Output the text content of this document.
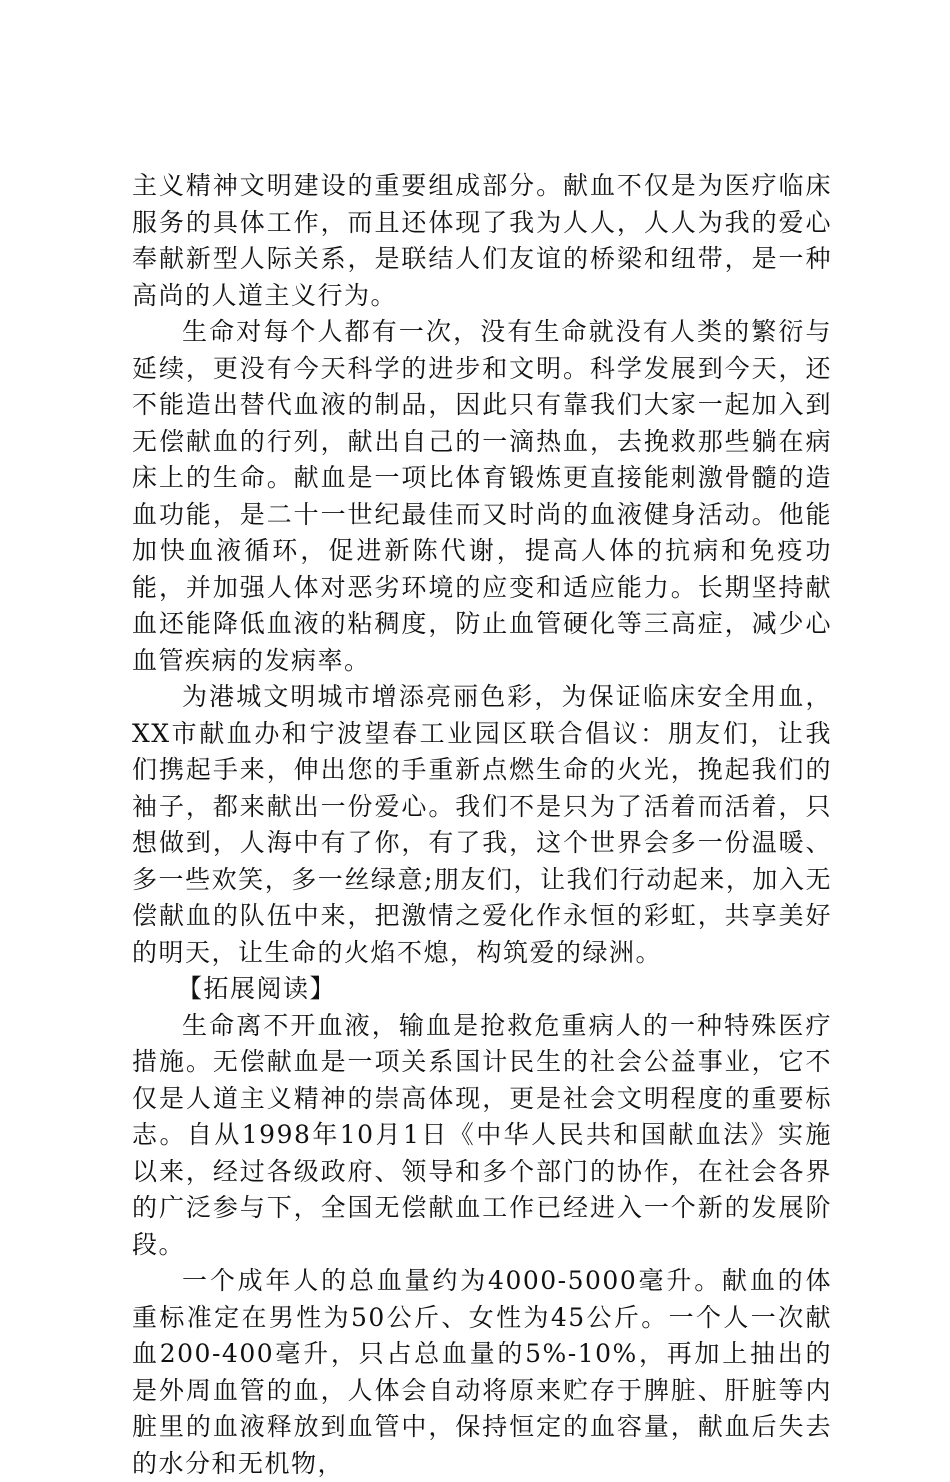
主义精神文明建设的重要组成部分。献血不仅是为医疗临床服务的具体工作，而且还体现了我为人人，人人为我的爱心奉献新型人际关系，是联结人们友谊的桥梁和纽带，是一种高尚的人道主义行为。

生命对每个人都有一次，没有生命就没有人类的繁衍与延续，更没有今天科学的进步和文明。科学发展到今天，还不能造出替代血液的制品，因此只有靠我们大家一起加入到无偿献血的行列，献出自己的一滴热血，去挽救那些躺在病床上的生命。献血是一项比体育锻炼更直接能刺激骨髓的造血功能，是二十一世纪最佳而又时尚的血液健身活动。他能加快血液循环，促进新陈代谢，提高人体的抗病和免疫功能，并加强人体对恶劣环境的应变和适应能力。长期坚持献血还能降低血液的粘稠度，防止血管硬化等三高症，减少心血管疾病的发病率。

为港城文明城市增添亮丽色彩，为保证临床安全用血，XX市献血办和宁波望春工业园区联合倡议：朋友们，让我们携起手来，伸出您的手重新点燃生命的火光，挽起我们的袖子，都来献出一份爱心。我们不是只为了活着而活着，只想做到，人海中有了你，有了我，这个世界会多一份温暖、多一些欢笑，多一丝绿意;朋友们，让我们行动起来，加入无偿献血的队伍中来，把激情之爱化作永恒的彩虹，共享美好的明天，让生命的火焰不熄，构筑爱的绿洲。

【拓展阅读】

生命离不开血液，输血是抢救危重病人的一种特殊医疗措施。无偿献血是一项关系国计民生的社会公益事业，它不仅是人道主义精神的崇高体现，更是社会文明程度的重要标志。自从1998年10月1日《中华人民共和国献血法》实施以来，经过各级政府、领导和多个部门的协作，在社会各界的广泛参与下，全国无偿献血工作已经进入一个新的发展阶段。

一个成年人的总血量约为4000-5000毫升。献血的体重标准定在男性为50公斤、女性为45公斤。一个人一次献血200-400毫升，只占总血量的5%-10%，再加上抽出的是外周血管的血，人体会自动将原来贮存于脾脏、肝脏等内脏里的血液释放到血管中，保持恒定的血容量，献血后失去的水分和无机物，
